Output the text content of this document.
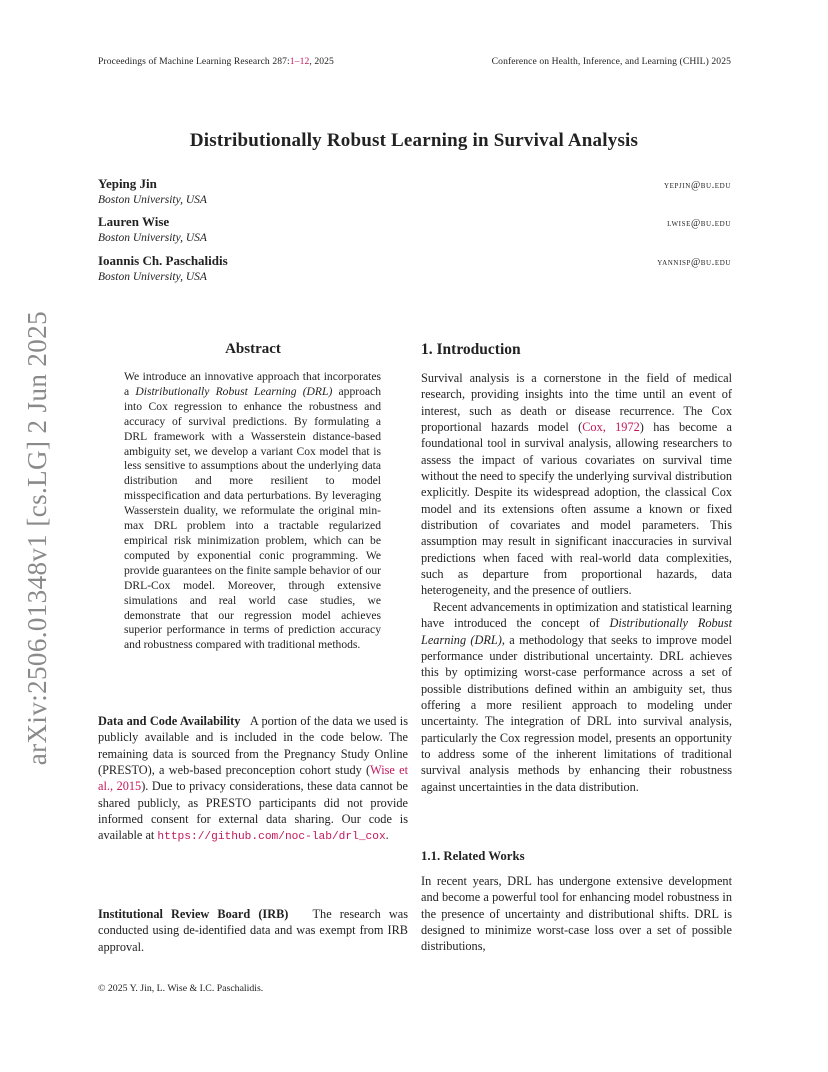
Proceedings of Machine Learning Research 287:1–12, 2025	Conference on Health, Inference, and Learning (CHIL) 2025
Distributionally Robust Learning in Survival Analysis
Yeping Jin
Boston University, USA
yepjin@bu.edu
Lauren Wise
Boston University, USA
lwise@bu.edu
Ioannis Ch. Paschalidis
Boston University, USA
yannisp@bu.edu
arXiv:2506.01348v1 [cs.LG] 2 Jun 2025	Abstract
We introduce an innovative approach that incorporates a Distributionally Robust Learning (DRL) approach into Cox regression to enhance the robustness and accuracy of survival predictions. By formulating a DRL framework with a Wasserstein distance-based ambiguity set, we develop a variant Cox model that is less sensitive to assumptions about the underlying data distribution and more resilient to model misspecification and data perturbations. By leveraging Wasserstein duality, we reformulate the original min-max DRL problem into a tractable regularized empirical risk minimization problem, which can be computed by exponential conic programming. We provide guarantees on the finite sample behavior of our DRL-Cox model. Moreover, through extensive simulations and real world case studies, we demonstrate that our regression model achieves superior performance in terms of prediction accuracy and robustness compared with traditional methods.
Data and Code Availability A portion of the data we used is publicly available and is included in the code below. The remaining data is sourced from the Pregnancy Study Online (PRESTO), a web-based preconception cohort study (Wise et al., 2015). Due to privacy considerations, these data cannot be shared publicly, as PRESTO participants did not provide informed consent for external data sharing. Our code is available at https://github.com/noc-lab/drl_cox.
Institutional Review Board (IRB) The research was conducted using de-identified data and was exempt from IRB approval.
1. Introduction

Survival analysis is a cornerstone in the field of medical research, providing insights into the time until an event of interest, such as death or disease recurrence. The Cox proportional hazards model (Cox, 1972) has become a foundational tool in survival analysis, allowing researchers to assess the impact of various covariates on survival time without the need to specify the underlying survival distribution explicitly. Despite its widespread adoption, the classical Cox model and its extensions often assume a known or fixed distribution of covariates and model parameters. This assumption may result in significant inaccuracies in survival predictions when faced with real-world data complexities, such as departure from proportional hazards, data heterogeneity, and the presence of outliers.

Recent advancements in optimization and statistical learning have introduced the concept of Distributionally Robust Learning (DRL), a methodology that seeks to improve model performance under distributional uncertainty. DRL achieves this by optimizing worst-case performance across a set of possible distributions defined within an ambiguity set, thus offering a more resilient approach to modeling under uncertainty. The integration of DRL into survival analysis, particularly the Cox regression model, presents an opportunity to address some of the inherent limitations of traditional survival analysis methods by enhancing their robustness against uncertainties in the data distribution.

1.1. Related Works
In recent years, DRL has undergone extensive development and become a powerful tool for enhancing model robustness in the presence of uncertainty and distributional shifts. DRL is designed to minimize worst-case loss over a set of possible distributions,
© 2025 Y. Jin, L. Wise & I.C. Paschalidis.
